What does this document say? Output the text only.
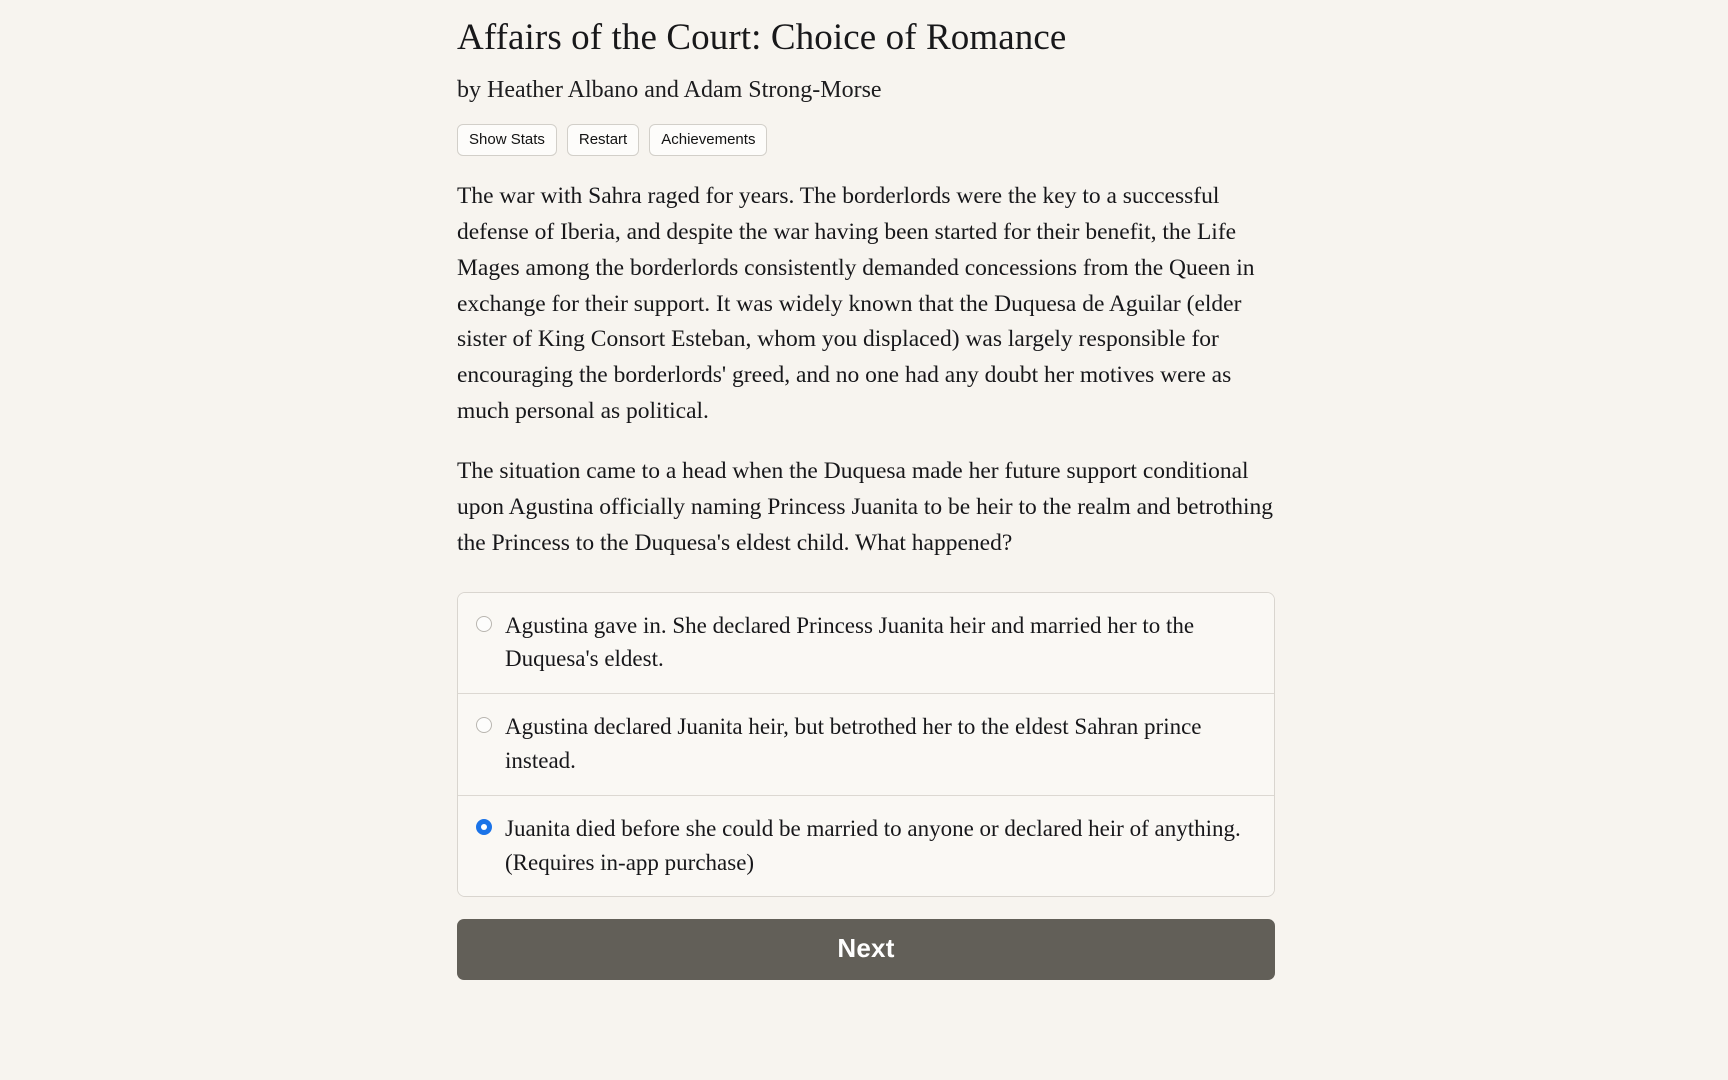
Affairs of the Court: Choice of Romance
by Heather Albano and Adam Strong-Morse
Show Stats	Restart	Achievements

The war with Sahra raged for years. The borderlords were the key to a successful defense of Iberia, and despite the war having been started for their benefit, the Life Mages among the borderlords consistently demanded concessions from the Queen in exchange for their support. It was widely known that the Duquesa de Aguilar (elder sister of King Consort Esteban, whom you displaced) was largely responsible for encouraging the borderlords' greed, and no one had any doubt her motives were as much personal as political.

The situation came to a head when the Duquesa made her future support conditional upon Agustina officially naming Princess Juanita to be heir to the realm and betrothing the Princess to the Duquesa's eldest child. What happened?

Agustina gave in. She declared Princess Juanita heir and married her to the Duquesa's eldest.
Agustina declared Juanita heir, but betrothed her to the eldest Sahran prince instead.
Juanita died before she could be married to anyone or declared heir of anything. (Requires in-app purchase)
Next
